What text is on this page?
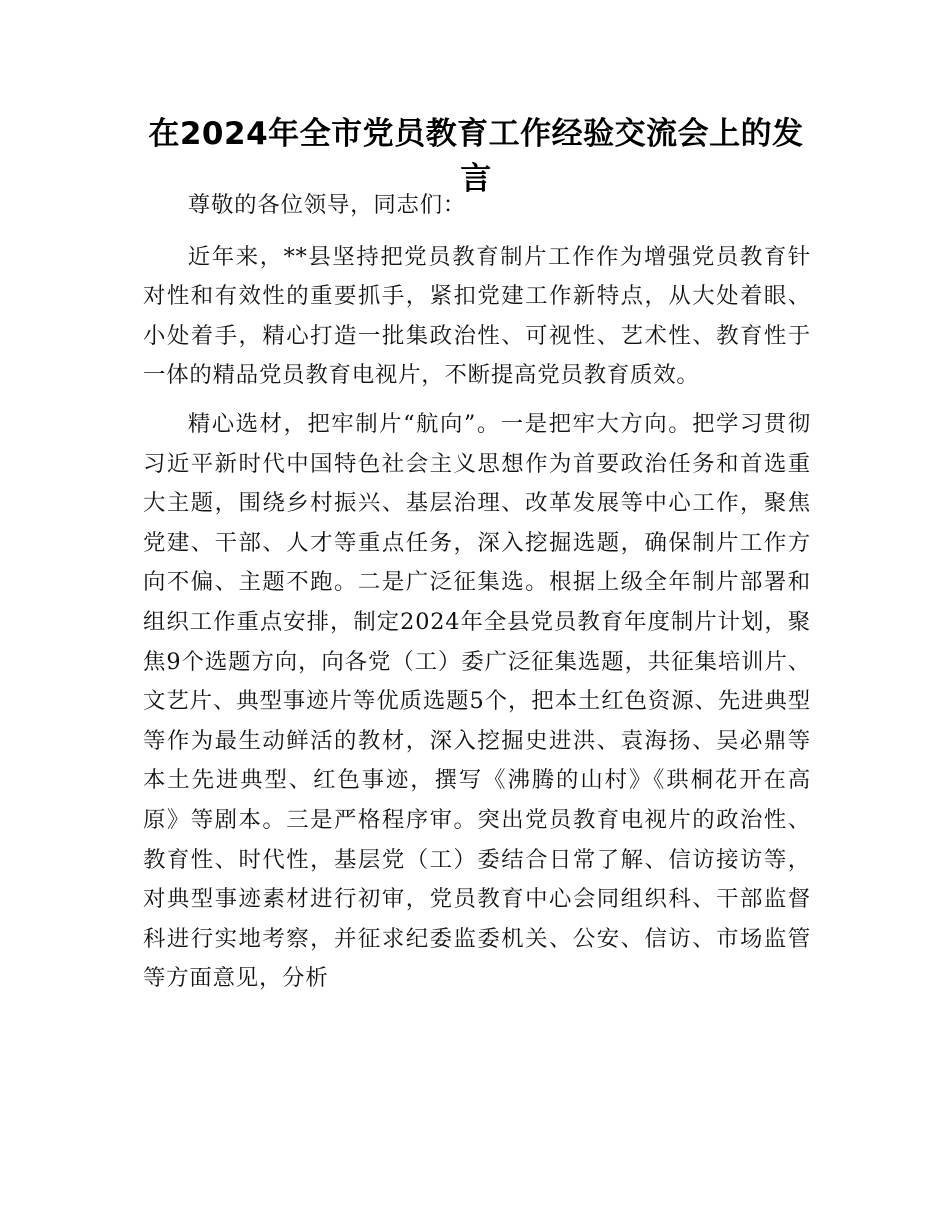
在2024年全市党员教育工作经验交流会上的发言

尊敬的各位领导，同志们：

近年来，**县坚持把党员教育制片工作作为增强党员教育针对性和有效性的重要抓手，紧扣党建工作新特点，从大处着眼、小处着手，精心打造一批集政治性、可视性、艺术性、教育性于一体的精品党员教育电视片，不断提高党员教育质效。

精心选材，把牢制片“航向”。一是把牢大方向。把学习贯彻习近平新时代中国特色社会主义思想作为首要政治任务和首选重大主题，围绕乡村振兴、基层治理、改革发展等中心工作，聚焦党建、干部、人才等重点任务，深入挖掘选题，确保制片工作方向不偏、主题不跑。二是广泛征集选。根据上级全年制片部署和组织工作重点安排，制定2024年全县党员教育年度制片计划，聚焦9个选题方向，向各党（工）委广泛征集选题，共征集培训片、文艺片、典型事迹片等优质选题5个，把本土红色资源、先进典型等作为最生动鲜活的教材，深入挖掘史进洪、袁海扬、吴必鼎等本土先进典型、红色事迹，撰写《沸腾的山村》《珙桐花开在高原》等剧本。三是严格程序审。突出党员教育电视片的政治性、教育性、时代性，基层党（工）委结合日常了解、信访接访等，对典型事迹素材进行初审，党员教育中心会同组织科、干部监督科进行实地考察，并征求纪委监委机关、公安、信访、市场监管等方面意见，分析
